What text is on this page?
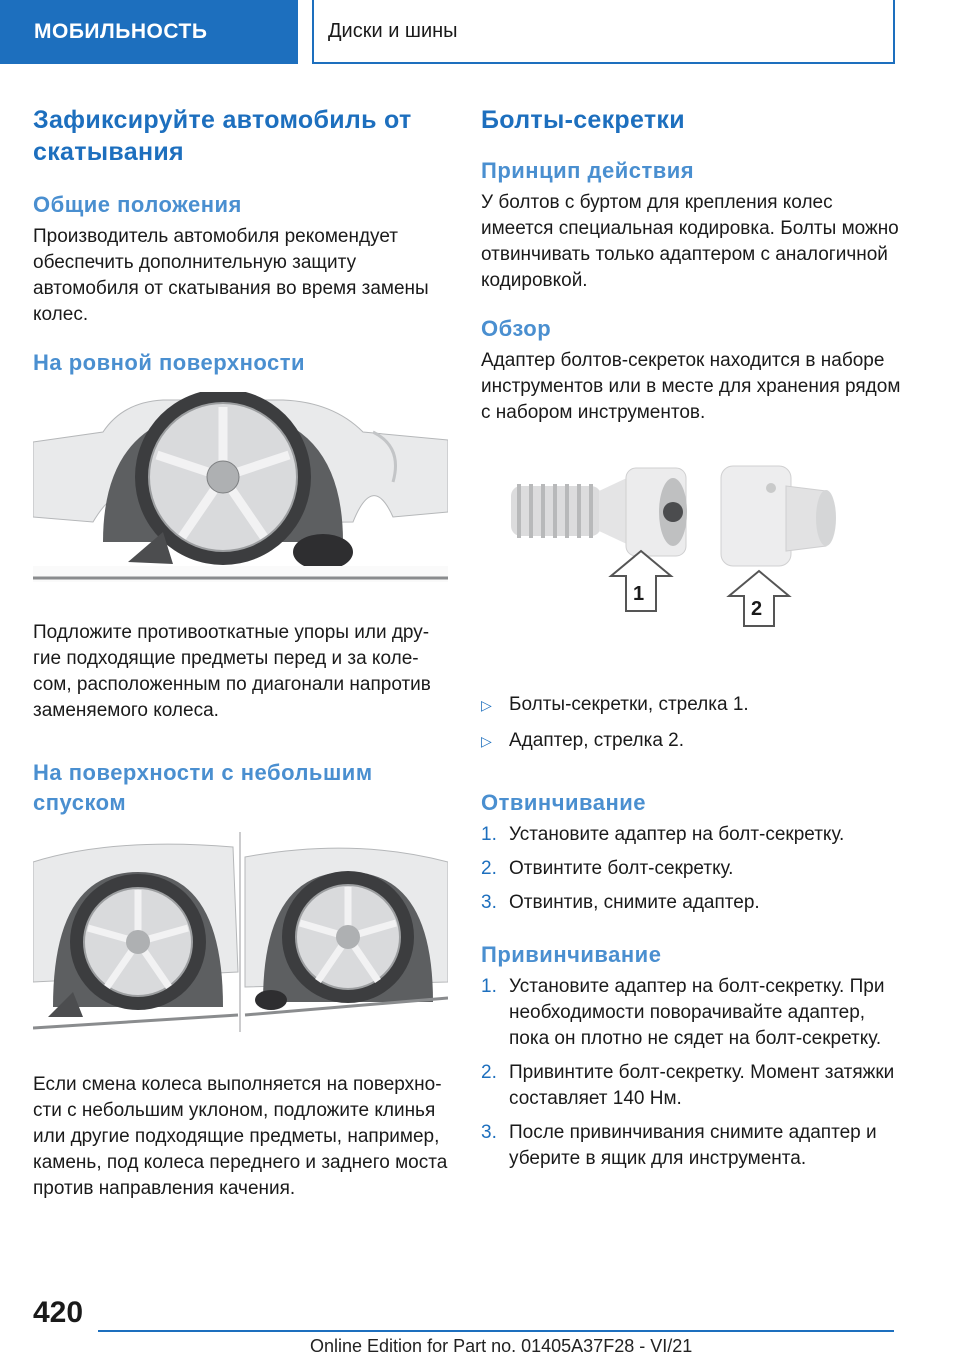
МОБИЛЬНОСТЬ	Диски и шины
Зафиксируйте автомобиль от скатывания
Общие положения

Производитель автомобиля рекомендует обеспечить дополнительную защиту автомобиля от скатывания во время замены колес.

На ровной поверхности

Подложите противооткатные упоры или другие подходящие предметы перед и за колесом, расположенным по диагонали напротив заменяемого колеса.

На поверхности с небольшим спуском

Если смена колеса выполняется на поверхности с небольшим уклоном, подложите клинья или другие подходящие предметы, например, камень, под колеса переднего и заднего моста против направления качения.

Болты-секретки
Принцип действия

У болтов с буртом для крепления колес имеется специальная кодировка. Болты можно отвинчивать только адаптером с аналогичной кодировкой.

Обзор

Адаптер болтов-секреток находится в наборе инструментов или в месте для хранения рядом с набором инструментов.

1
2
▷ Болты-секретки, стрелка 1.
▷ Адаптер, стрелка 2.
Отвинчивание
1. Установите адаптер на болт-секретку.
2. Отвинтите болт-секретку.
3. Отвинтив, снимите адаптер.
Привинчивание
1. Установите адаптер на болт-секретку. При необходимости поворачивайте адаптер, пока он плотно не сядет на болт-секретку.
2. Привинтите болт-секретку. Момент затяжки составляет 140 Нм.
3. После привинчивания снимите адаптер и уберите в ящик для инструмента.
420
Online Edition for Part no. 01405A37F28 - VI/21
